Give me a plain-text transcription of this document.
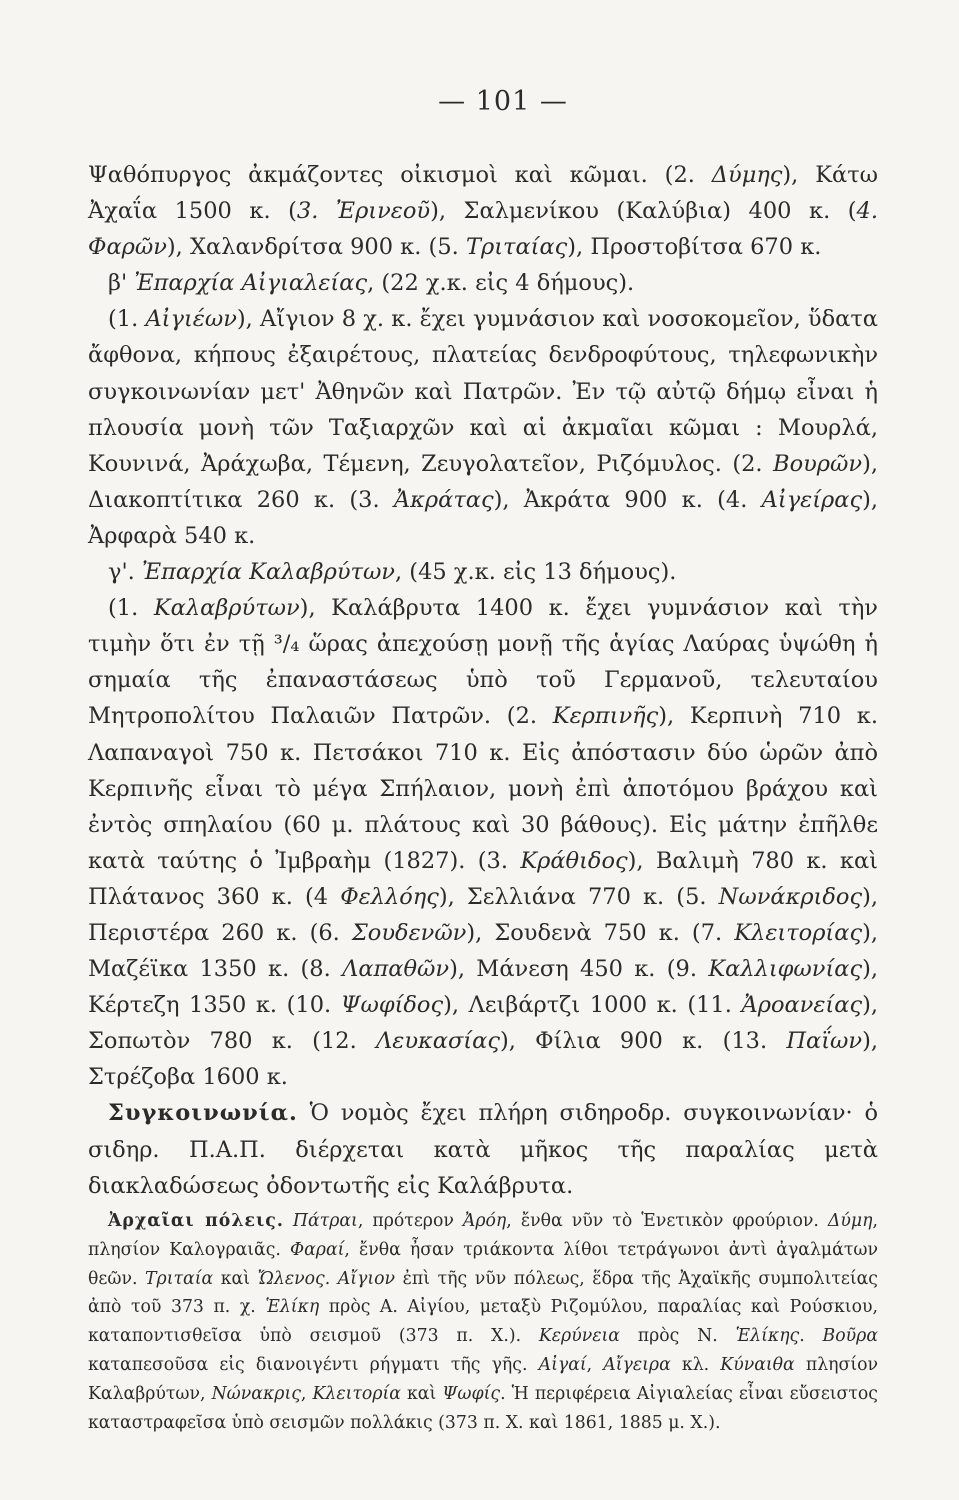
— 101 —

Ψαθόπυργος ἀκμάζοντες οἰκισμοὶ καὶ κῶμαι. (2. Δύμης), Κάτω Ἀχαΐα 1500 κ. (3. Ἐρινεοῦ), Σαλμενίκου (Καλύβια) 400 κ. (4. Φαρῶν), Χαλανδρίτσα 900 κ. (5. Τριταίας), Προστοβίτσα 670 κ.

β' Ἐπαρχία Αἰγιαλείας, (22 χ.κ. εἰς 4 δήμους).

(1. Αἰγιέων), Αἴγιον 8 χ. κ. ἔχει γυμνάσιον καὶ νοσοκομεῖον, ὕδατα ἄφθονα, κήπους ἐξαιρέτους, πλατείας δενδροφύτους, τηλεφωνικὴν συγκοινωνίαν μετ' Ἀθηνῶν καὶ Πατρῶν. Ἐν τῷ αὐτῷ δήμῳ εἶναι ἡ πλουσία μονὴ τῶν Ταξιαρχῶν καὶ αἱ ἀκμαῖαι κῶμαι : Μουρλά, Κουνινά, Ἀράχωβα, Τέμενη, Ζευγολατεῖον, Ριζόμυλος. (2. Βουρῶν), Διακοπτίτικα 260 κ. (3. Ἀκράτας), Ἀκράτα 900 κ. (4. Αἰγείρας), Ἀρφαρὰ 540 κ.

γ'. Ἐπαρχία Καλαβρύτων, (45 χ.κ. εἰς 13 δήμους).

(1. Καλαβρύτων), Καλάβρυτα 1400 κ. ἔχει γυμνάσιον καὶ τὴν τιμὴν ὅτι ἐν τῇ ³/₄ ὥρας ἀπεχούσῃ μονῇ τῆς ἁγίας Λαύρας ὑψώθη ἡ σημαία τῆς ἐπαναστάσεως ὑπὸ τοῦ Γερμανοῦ, τελευταίου Μητροπολίτου Παλαιῶν Πατρῶν. (2. Κερπινῆς), Κερπινὴ 710 κ. Λαπαναγοὶ 750 κ. Πετσάκοι 710 κ. Εἰς ἀπόστασιν δύο ὡρῶν ἀπὸ Κερπινῆς εἶναι τὸ μέγα Σπήλαιον, μονὴ ἐπὶ ἀποτόμου βράχου καὶ ἐντὸς σπηλαίου (60 μ. πλάτους καὶ 30 βάθους). Εἰς μάτην ἐπῆλθε κατὰ ταύτης ὁ Ἰμβραὴμ (1827). (3. Κράθιδος), Βαλιμὴ 780 κ. καὶ Πλάτανος 360 κ. (4 Φελλόης), Σελλιάνα 770 κ. (5. Νωνάκριδος), Περιστέρα 260 κ. (6. Σουδενῶν), Σουδενὰ 750 κ. (7. Κλειτορίας), Μαζέϊκα 1350 κ. (8. Λαπαθῶν), Μάνεση 450 κ. (9. Καλλιφωνίας), Κέρτεζη 1350 κ. (10. Ψωφίδος), Λειβάρτζι 1000 κ. (11. Ἀροανείας), Σοπωτὸν 780 κ. (12. Λευκασίας), Φίλια 900 κ. (13. Παΐων), Στρέζοβα 1600 κ.

Συγκοινωνία. Ὁ νομὸς ἔχει πλήρη σιδηροδρ. συγκοινωνίαν· ὁ σιδηρ. Π.Α.Π. διέρχεται κατὰ μῆκος τῆς παραλίας μετὰ διακλαδώσεως ὀδοντωτῆς εἰς Καλάβρυτα.

Ἀρχαῖαι πόλεις. Πάτραι, πρότερον Ἀρόη, ἔνθα νῦν τὸ Ἑνετικὸν φρούριον. Δύμη, πλησίον Καλογραιᾶς. Φαραί, ἔνθα ἦσαν τριάκοντα λίθοι τετράγωνοι ἀντὶ ἀγαλμάτων θεῶν. Τριταία καὶ Ὤλενος. Αἴγιον ἐπὶ τῆς νῦν πόλεως, ἕδρα τῆς Ἀχαϊκῆς συμπολιτείας ἀπὸ τοῦ 373 π. χ. Ἑλίκη πρὸς Α. Αἰγίου, μεταξὺ Ριζομύλου, παραλίας καὶ Ρούσκιου, καταποντισθεῖσα ὑπὸ σεισμοῦ (373 π. Χ.). Κερύνεια πρὸς Ν. Ἑλίκης. Βοῦρα καταπεσοῦσα εἰς διανοιγέντι ρήγματι τῆς γῆς. Αἰγαί, Αἴγειρα κλ. Κύναιθα πλησίον Καλαβρύτων, Νώνακρις, Κλειτορία καὶ Ψωφίς. Ἡ περιφέρεια Αἰγιαλείας εἶναι εὔσειστος καταστραφεῖσα ὑπὸ σεισμῶν πολλάκις (373 π. Χ. καὶ 1861, 1885 μ. Χ.).
